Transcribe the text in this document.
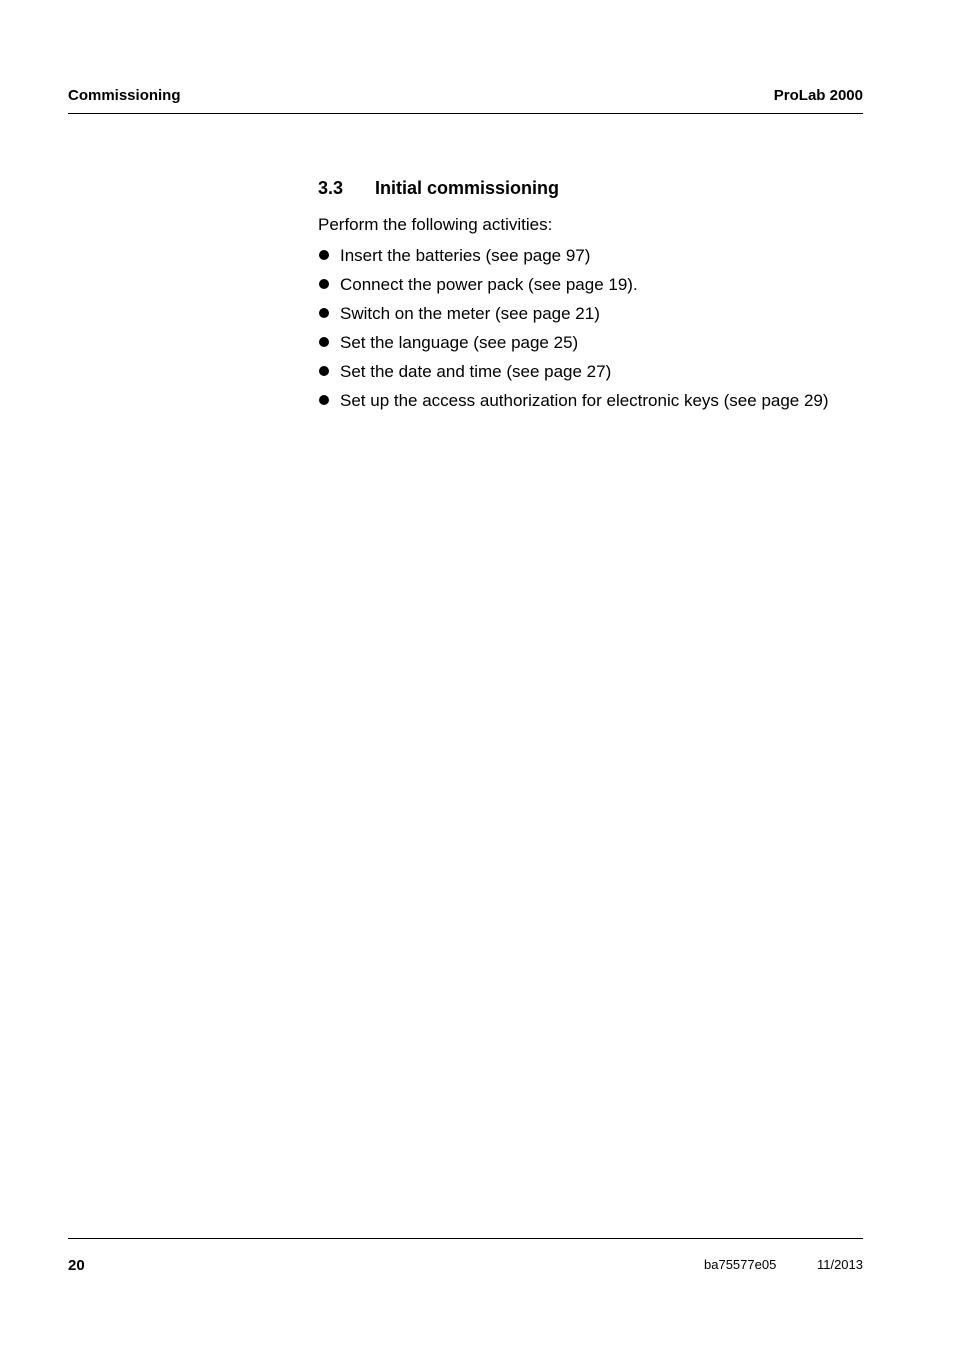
Commissioning	ProLab 2000
3.3 Initial commissioning

Perform the following activities:

Insert the batteries (see page 97)
Connect the power pack (see page 19).
Switch on the meter (see page 21)
Set the language (see page 25)
Set the date and time (see page 27)
Set up the access authorization for electronic keys (see page 29)
20	ba75577e05	11/2013
